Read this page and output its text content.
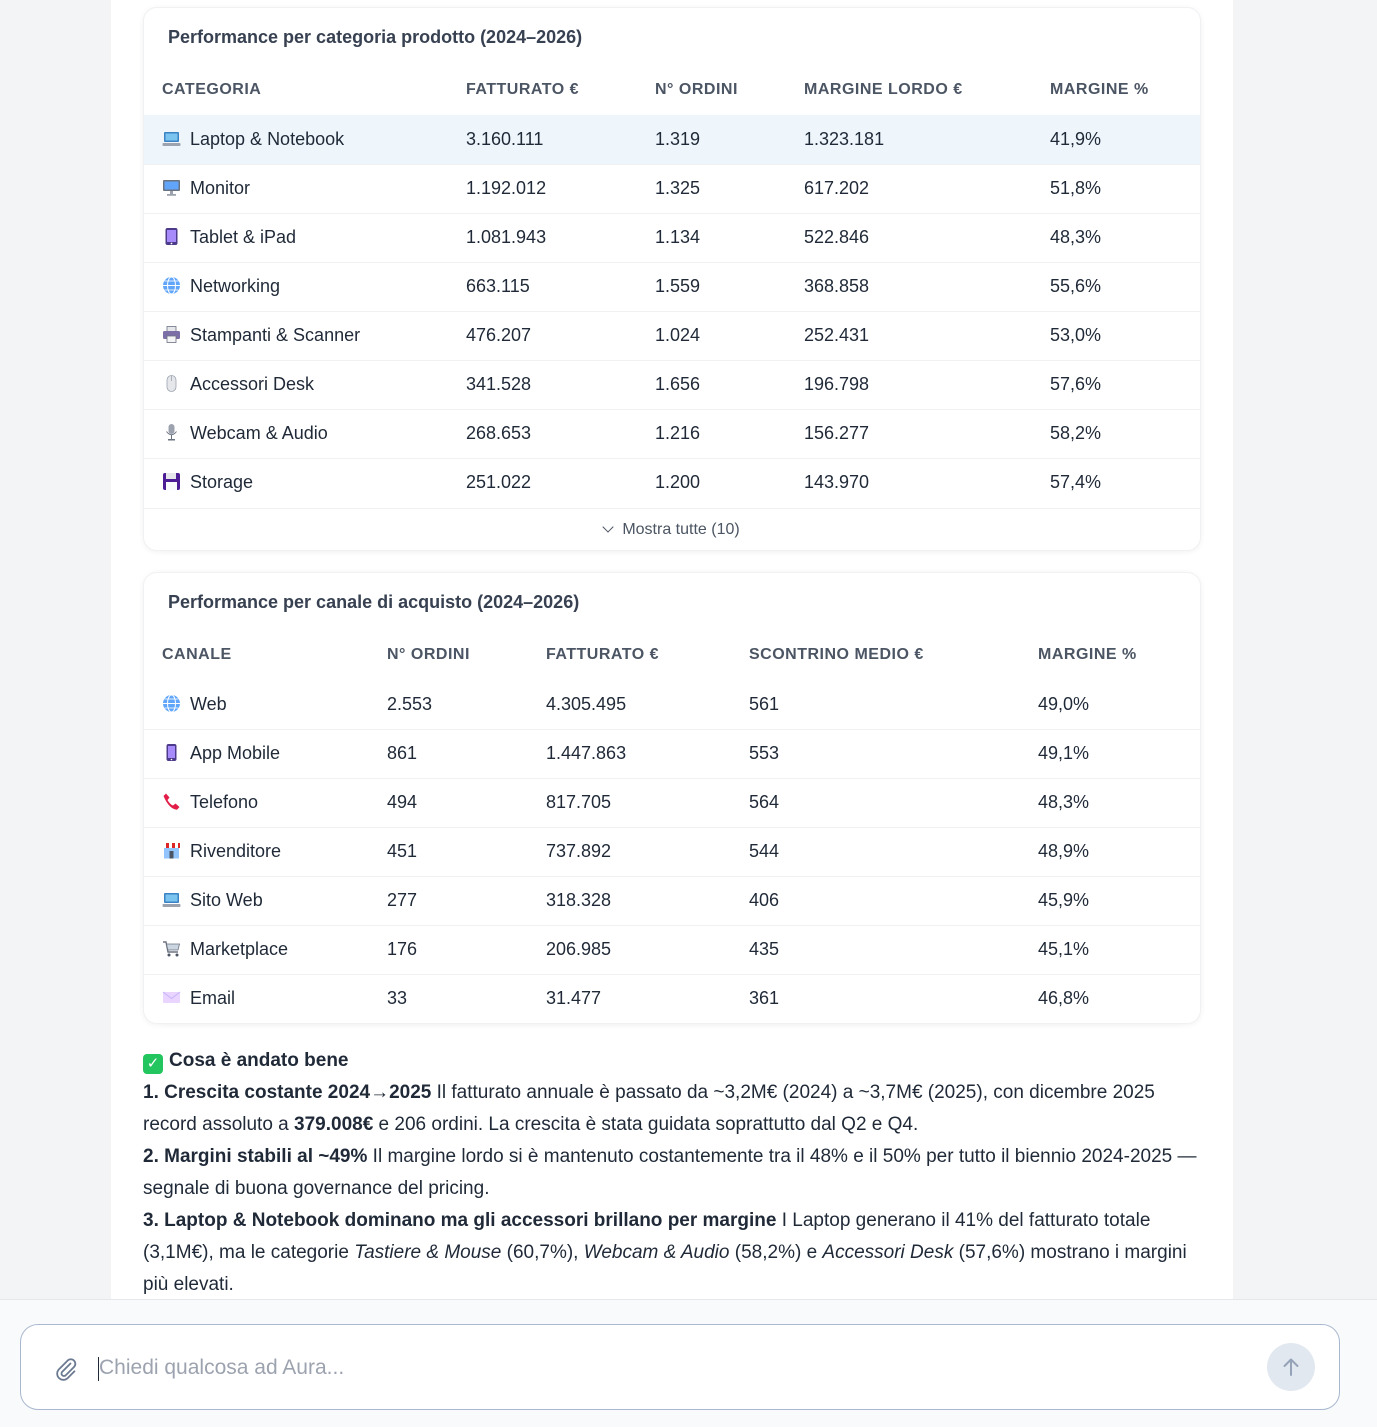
Performance per categoria prodotto (2024–2026)
CATEGORIA	FATTURATO €	N° ORDINI	MARGINE LORDO €	MARGINE %
Laptop & Notebook	3.160.111	1.319	1.323.181	41,9%
Monitor	1.192.012	1.325	617.202	51,8%
Tablet & iPad	1.081.943	1.134	522.846	48,3%
Networking	663.115	1.559	368.858	55,6%
Stampanti & Scanner	476.207	1.024	252.431	53,0%
Accessori Desk	341.528	1.656	196.798	57,6%
Webcam & Audio	268.653	1.216	156.277	58,2%
Storage	251.022	1.200	143.970	57,4%
Mostra tutte (10)
Performance per canale di acquisto (2024–2026)
CANALE	N° ORDINI	FATTURATO €	SCONTRINO MEDIO €	MARGINE %
Web	2.553	4.305.495	561	49,0%
App Mobile	861	1.447.863	553	49,1%
Telefono	494	817.705	564	48,3%
Rivenditore	451	737.892	544	48,9%
Sito Web	277	318.328	406	45,9%
Marketplace	176	206.985	435	45,1%
Email	33	31.477	361	46,8%
✓ Cosa è andato bene
1. Crescita costante 2024→2025 Il fatturato annuale è passato da ~3,2M€ (2024) a ~3,7M€ (2025), con dicembre 2025 record assoluto a 379.008€ e 206 ordini. La crescita è stata guidata soprattutto dal Q2 e Q4.
2. Margini stabili al ~49% Il margine lordo si è mantenuto costantemente tra il 48% e il 50% per tutto il biennio 2024-2025 — segnale di buona governance del pricing.
3. Laptop & Notebook dominano ma gli accessori brillano per margine I Laptop generano il 41% del fatturato totale (3,1M€), ma le categorie Tastiere & Mouse (60,7%), Webcam & Audio (58,2%) e Accessori Desk (57,6%) mostrano i margini più elevati.
Chiedi qualcosa ad Aura...
